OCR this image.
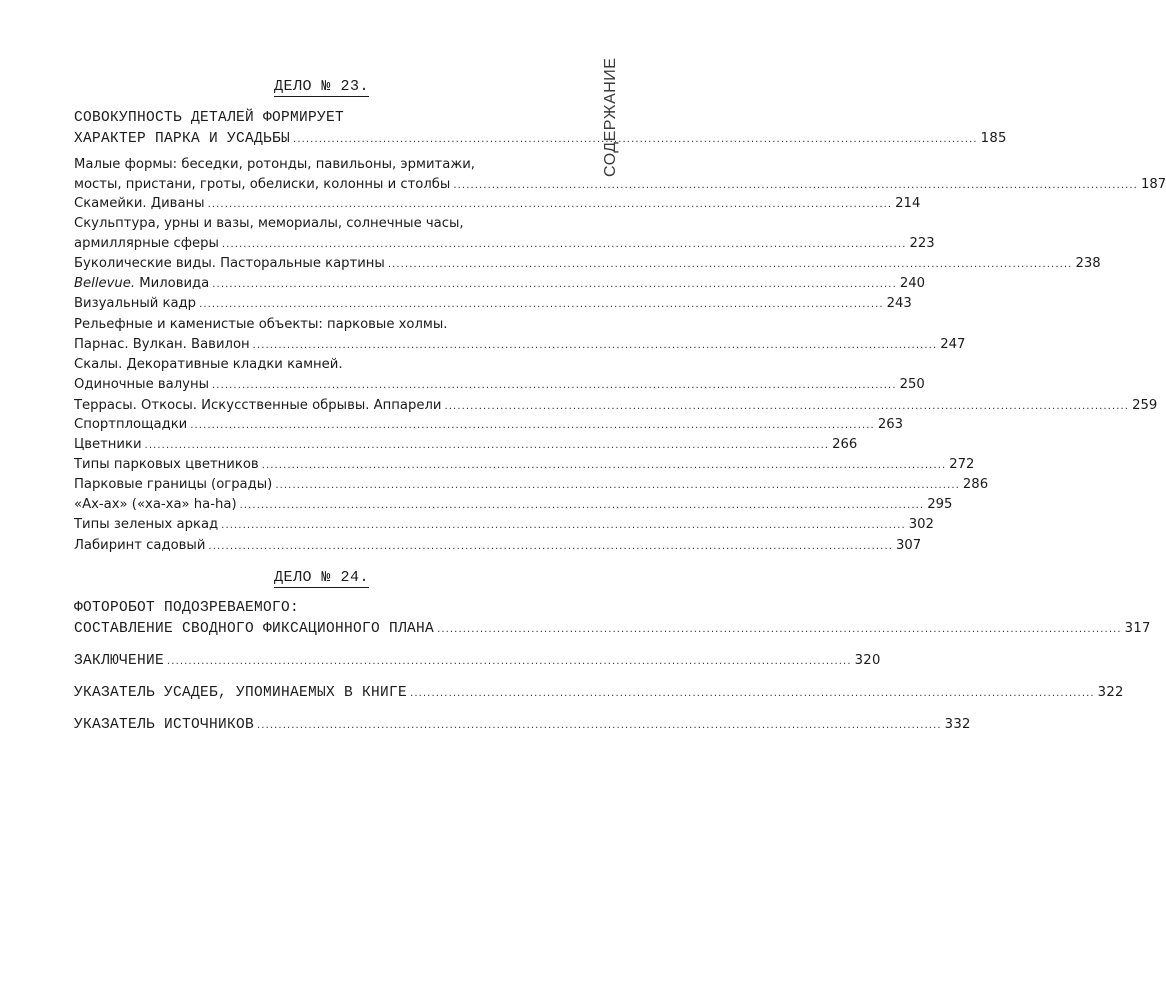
СОДЕРЖАНИЕ
ДЕЛО № 23.
СОВОКУПНОСТЬ ДЕТАЛЕЙ ФОРМИРУЕТ
ХАРАКТЕР ПАРКА И УСАДЬБЫ ................................................................................................................................................................ 185
Малые формы: беседки, ротонды, павильоны, эрмитажи,
мосты, пристани, гроты, обелиски, колонны и столбы ................................................................................................................................................................ 187
Скамейки. Диваны ................................................................................................................................................................ 214
Скульптура, урны и вазы, мемориалы, солнечные часы,
армиллярные сферы ................................................................................................................................................................ 223
Буколические виды. Пасторальные картины ................................................................................................................................................................ 238
Bellevue. Миловида ................................................................................................................................................................ 240
Визуальный кадр ................................................................................................................................................................ 243
Рельефные и каменистые объекты: парковые холмы.
Парнас. Вулкан. Вавилон ................................................................................................................................................................ 247
Скалы. Декоративные кладки камней.
Одиночные валуны ................................................................................................................................................................ 250
Террасы. Откосы. Искусственные обрывы. Аппарели ................................................................................................................................................................ 259
Спортплощадки ................................................................................................................................................................ 263
Цветники ................................................................................................................................................................ 266
Типы парковых цветников ................................................................................................................................................................ 272
Парковые границы (ограды) ................................................................................................................................................................ 286
«Ах-ах» («ха-ха» ha-ha) ................................................................................................................................................................ 295
Типы зеленых аркад ................................................................................................................................................................ 302
Лабиринт садовый ................................................................................................................................................................ 307
ДЕЛО № 24.
ФОТОРОБОТ ПОДОЗРЕВАЕМОГО:
СОСТАВЛЕНИЕ СВОДНОГО ФИКСАЦИОННОГО ПЛАНА ................................................................................................................................................................ 317
ЗАКЛЮЧЕНИЕ ................................................................................................................................................................ 320
УКАЗАТЕЛЬ УСАДЕБ, УПОМИНАЕМЫХ В КНИГЕ ................................................................................................................................................................ 322
УКАЗАТЕЛЬ ИСТОЧНИКОВ ................................................................................................................................................................ 332
